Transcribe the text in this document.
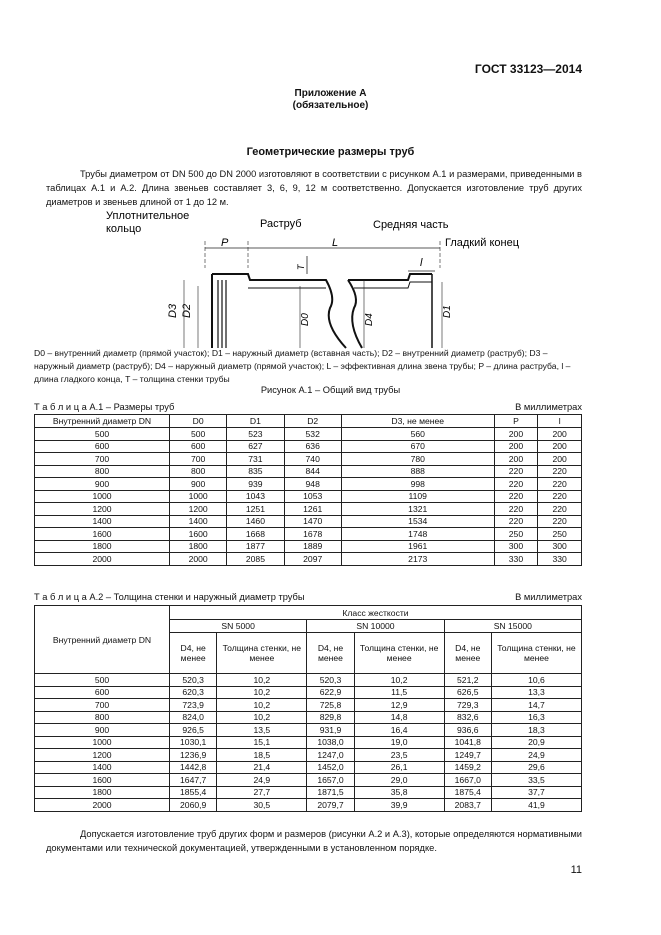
ГОСТ 33123—2014
Приложение А
(обязательное)
Геометрические размеры труб
Трубы диаметром от DN 500 до DN 2000 изготовляют в соответствии с рисунком А.1 и размерами, приведенными в таблицах А.1 и А.2. Длина звеньев составляет 3, 6, 9, 12 м соответственно. Допускается изготовление труб других диаметров и звеньев длиной от 1 до 12 м.
Уплотнительное
кольцо	Раструб	Средняя часть
Гладкий конец
P	L
l
T
D3 D2
D0	D4
D1
D0 – внутренний диаметр (прямой участок); D1 – наружный диаметр (вставная часть); D2 – внутренний диаметр (раструб); D3 – наружный диаметр (раструб); D4 – наружный диаметр (прямой участок); L – эффективная длина звена трубы; P – длина раструба, l – длина гладкого конца, T – толщина стенки трубы
Рисунок А.1 – Общий вид трубы
Т а б л и ц а А.1 – Размеры труб	В миллиметрах
Внутренний диаметр DN	D0	D1	D2	D3, не менее	P	l
500	500	523	532	560	200	200
600	600	627	636	670	200	200
700	700	731	740	780	200	200
800	800	835	844	888	220	220
900	900	939	948	998	220	220
1000	1000	1043	1053	1109	220	220
1200	1200	1251	1261	1321	220	220
1400	1400	1460	1470	1534	220	220
1600	1600	1668	1678	1748	250	250
1800	1800	1877	1889	1961	300	300
2000	2000	2085	2097	2173	330	330
Т а б л и ц а А.2 – Толщина стенки и наружный диаметр трубы	В миллиметрах
Внутренний диаметр DN	Класс жесткости					
	SN 5000		SN 10000		SN 15000	
	D4, не менее	Толщина стенки, не менее	D4, не менее	Толщина стенки, не менее	D4, не менее	Толщина стенки, не менее
500	520,3	10,2	520,3	10,2	521,2	10,6
600	620,3	10,2	622,9	11,5	626,5	13,3
700	723,9	10,2	725,8	12,9	729,3	14,7
800	824,0	10,2	829,8	14,8	832,6	16,3
900	926,5	13,5	931,9	16,4	936,6	18,3
1000	1030,1	15,1	1038,0	19,0	1041,8	20,9
1200	1236,9	18,5	1247,0	23,5	1249,7	24,9
1400	1442,8	21,4	1452,0	26,1	1459,2	29,6
1600	1647,7	24,9	1657,0	29,0	1667,0	33,5
1800	1855,4	27,7	1871,5	35,8	1875,4	37,7
2000	2060,9	30,5	2079,7	39,9	2083,7	41,9
Допускается изготовление труб других форм и размеров (рисунки А.2 и А.3), которые определяются нормативными документами или технической документацией, утвержденными в установленном порядке.
11
